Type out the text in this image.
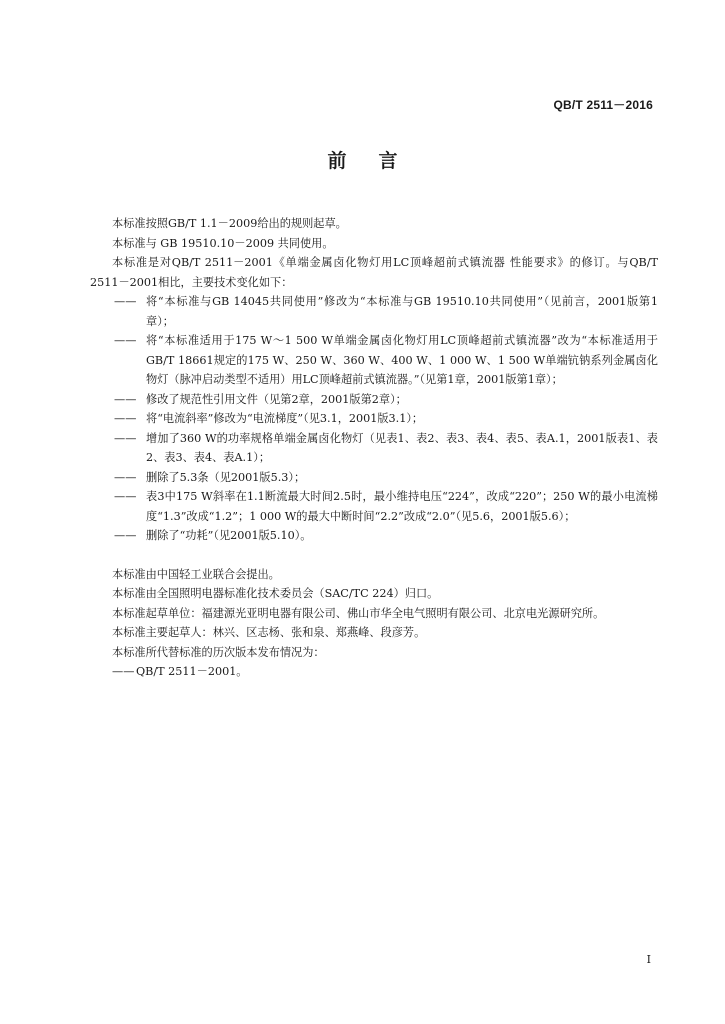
QB/T 2511－2016
前言

本标准按照GB/T 1.1－2009给出的规则起草。

本标准与 GB 19510.10－2009 共同使用。

本标准是对QB/T 2511－2001《单端金属卤化物灯用LC顶峰超前式镇流器 性能要求》的修订。与QB/T 2511－2001相比，主要技术变化如下：

—— 将“本标准与GB 14045共同使用”修改为“本标准与GB 19510.10共同使用”（见前言，2001版第1章）；
—— 将“本标准适用于175 W～1 500 W单端金属卤化物灯用LC顶峰超前式镇流器”改为“本标准适用于GB/T 18661规定的175 W、250 W、360 W、400 W、1 000 W、1 500 W单端钪钠系列金属卤化物灯（脉冲启动类型不适用）用LC顶峰超前式镇流器。”（见第1章，2001版第1章）；
—— 修改了规范性引用文件（见第2章，2001版第2章）；
—— 将“电流斜率”修改为“电流梯度”（见3.1，2001版3.1）；
—— 增加了360 W的功率规格单端金属卤化物灯（见表1、表2、表3、表4、表5、表A.1，2001版表1、表2、表3、表4、表A.1）；
—— 删除了5.3条（见2001版5.3）；
—— 表3中175 W斜率在1.1断流最大时间2.5时，最小维持电压“224”，改成“220”；250 W的最小电流梯度“1.3”改成“1.2”；1 000 W的最大中断时间“2.2”改成“2.0”（见5.6，2001版5.6）；
—— 删除了“功耗”（见2001版5.10）。

本标准由中国轻工业联合会提出。

本标准由全国照明电器标准化技术委员会（SAC/TC 224）归口。

本标准起草单位：福建源光亚明电器有限公司、佛山市华全电气照明有限公司、北京电光源研究所。

本标准主要起草人：林兴、区志杨、张和泉、郑燕峰、段彦芳。

本标准所代替标准的历次版本发布情况为：

—— QB/T 2511－2001。
I
